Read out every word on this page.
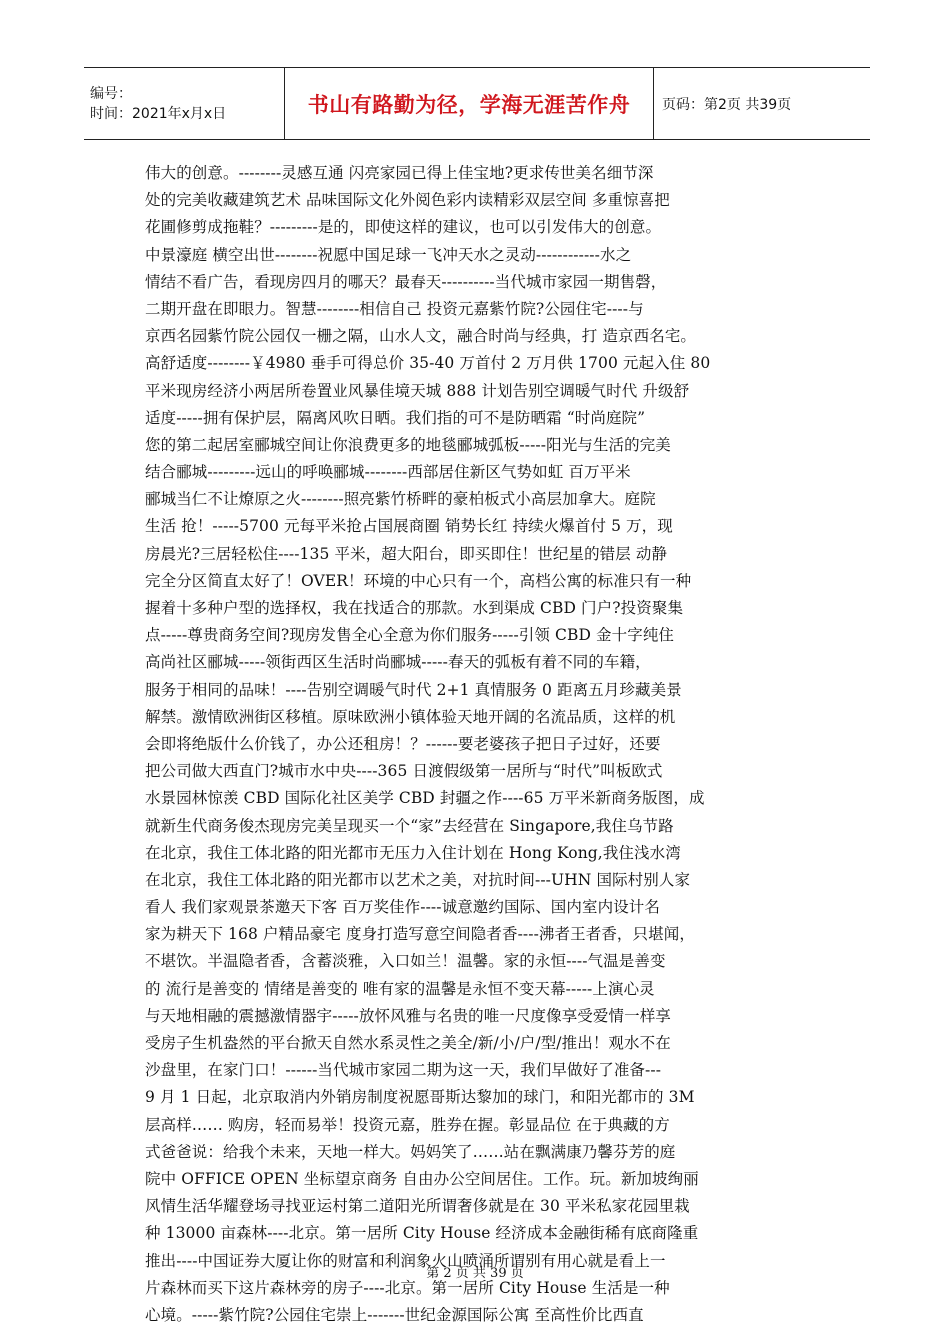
编号：
时间：2021年x月x日	书山有路勤为径，学海无涯苦作舟 页码：第2页 共39页
伟大的创意。--------灵感互通 闪亮家园已得上佳宝地?更求传世美名细节深
处的完美收藏建筑艺术 品味国际文化外阅色彩内读精彩双层空间 多重惊喜把
花圃修剪成拖鞋？---------是的，即使这样的建议，也可以引发伟大的创意。
中景濠庭 横空出世--------祝愿中国足球一飞冲天水之灵动------------水之
情结不看广告，看现房四月的哪天？最春天----------当代城市家园一期售磬，
二期开盘在即眼力。智慧--------相信自己 投资元嘉紫竹院?公园住宅----与
京西名园紫竹院公园仅一栅之隔，山水人文，融合时尚与经典，打 造京西名宅。
高舒适度--------￥4980 垂手可得总价 35-40 万首付 2 万月供 1700 元起入住 80
平米现房经济小两居所卷置业风暴佳境天城 888 计划告别空调暖气时代 升级舒
适度-----拥有保护层，隔离风吹日晒。我们指的可不是防晒霜 “时尚庭院”
您的第二起居室郦城空间让你浪费更多的地毯郦城弧板-----阳光与生活的完美
结合郦城---------远山的呼唤郦城--------西部居住新区气势如虹 百万平米
郦城当仁不让燎原之火--------照亮紫竹桥畔的豪柏板式小高层加拿大。庭院
生活 抢！-----5700 元每平米抢占国展商圈 销势长红 持续火爆首付 5 万，现
房晨光?三居轻松住----135 平米，超大阳台，即买即住！世纪星的错层 动静
完全分区简直太好了！OVER！环境的中心只有一个，高档公寓的标准只有一种
握着十多种户型的选择权，我在找适合的那款。水到渠成 CBD 门户?投资聚集
点-----尊贵商务空间?现房发售全心全意为你们服务-----引领 CBD 金十字纯住
高尚社区郦城-----领街西区生活时尚郦城-----春天的弧板有着不同的车籍，
服务于相同的品味！----告别空调暖气时代 2+1 真情服务 0 距离五月珍藏美景
解禁。激情欧洲街区移植。原味欧洲小镇体验天地开阔的名流品质，这样的机
会即将绝版什么价钱了，办公还租房！？------要老婆孩子把日子过好，还要
把公司做大西直门?城市水中央----365 日渡假级第一居所与“时代”叫板欧式
水景园林惊羡 CBD 国际化社区美学 CBD 封疆之作----65 万平米新商务版图，成
就新生代商务俊杰现房完美呈现买一个“家”去经营在 Singapore,我住乌节路
在北京，我住工体北路的阳光都市无压力入住计划在 Hong Kong,我住浅水湾
在北京，我住工体北路的阳光都市以艺术之美，对抗时间---UHN 国际村别人家
看人 我们家观景茶邀天下客 百万奖佳作----诚意邀约国际、国内室内设计名
家为耕天下 168 户精品豪宅 度身打造写意空间隐者香----沸者王者香，只堪闻，
不堪饮。半温隐者香，含蓄淡雅，入口如兰！温馨。家的永恒----气温是善变
的 流行是善变的 情绪是善变的 唯有家的温馨是永恒不变天幕-----上演心灵
与天地相融的震撼激情器宇-----放怀风雅与名贵的唯一尺度像享受爱情一样享
受房子生机盎然的平台掀天自然水系灵性之美全/新/小/户/型/推出！观水不在
沙盘里，在家门口！------当代城市家园二期为这一天，我们早做好了准备---
9 月 1 日起，北京取消内外销房制度祝愿哥斯达黎加的球门，和阳光都市的 3M
层高样…… 购房，轻而易举！投资元嘉，胜券在握。彰显品位 在于典藏的方
式爸爸说：给我个未来，天地一样大。妈妈笑了……站在飘满康乃馨芬芳的庭
院中 OFFICE OPEN 坐标望京商务 自由办公空间居住。工作。玩。新加坡绚丽
风情生活华耀登场寻找亚运村第二道阳光所谓奢侈就是在 30 平米私家花园里栽
种 13000 亩森林----北京。第一居所 City House 经济成本金融街稀有底商隆重
推出----中国证券大厦让你的财富和利润象火山喷涌所谓别有用心就是看上一
片森林而买下这片森林旁的房子----北京。第一居所 City House 生活是一种
心境。-----紫竹院?公园住宅崇上-------世纪金源国际公寓 至高性价比西直
第 2 页 共 39 页
